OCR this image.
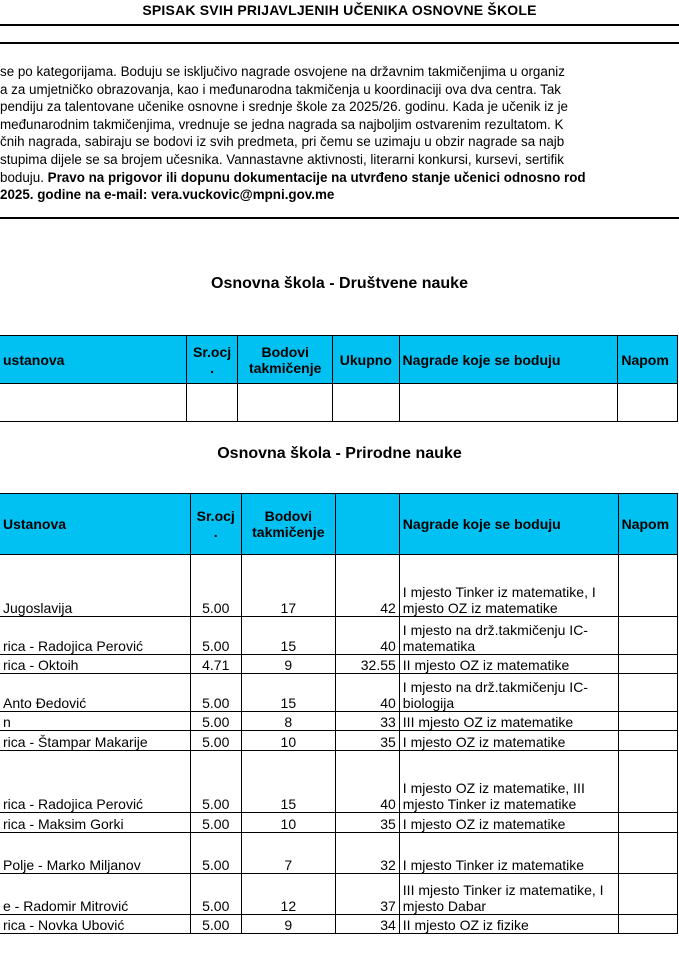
SPISAK SVIH PRIJAVLJENIH UČENIKA OSNOVNE ŠKOLE
se po kategorijama. Boduju se isključivo nagrade osvojene na državnim takmičenjima u organiz
a za umjetničko obrazovanja, kao i međunarodna takmičenja u koordinaciji ova dva centra. Tak
pendiju za talentovane učenike osnovne i srednje škole za 2025/26. godinu. Kada je učenik iz je
međunarodnim takmičenjima, vrednuje se jedna nagrada sa najboljim ostvarenim rezultatom. K
čnih nagrada, sabiraju se bodovi iz svih predmeta, pri čemu se uzimaju u obzir nagrade sa najb
stupima dijele se sa brojem učesnika. Vannastavne aktivnosti, literarni konkursi, kursevi, sertifik
boduju. Pravo na prigovor ili dopunu dokumentacije na utvrđeno stanje učenici odnosno rod
2025. godine na e-mail: vera.vuckovic@mpni.gov.me
Osnovna škola - Društvene nauke
ustanova	Sr.ocj .	Bodovi takmičenje	Ukupno	Nagrade koje se boduju	Napom

Osnovna škola - Prirodne nauke
Ustanova	Sr.ocj .	Bodovi takmičenje		Nagrade koje se boduju	Napom
Jugoslavija	5.00	17	42	I mjesto Tinker iz matematike, I mjesto OZ iz matematike	
rica - Radojica Perović	5.00	15	40	I mjesto na drž.takmičenju IC-matematika	
rica - Oktoih	4.71	9	32.55	II mjesto OZ iz matematike	
Anto Đedović	5.00	15	40	I mjesto na drž.takmičenju IC-biologija	
n	5.00	8	33	III mjesto OZ iz matematike	
rica - Štampar Makarije	5.00	10	35	I mjesto OZ iz matematike	
rica - Radojica Perović	5.00	15	40	I mjesto OZ iz matematike, III mjesto Tinker iz matematike	
rica - Maksim Gorki	5.00	10	35	I mjesto OZ iz matematike	
Polje - Marko Miljanov	5.00	7	32	I mjesto Tinker iz matematike	
e - Radomir Mitrović	5.00	12	37	III mjesto Tinker iz matematike, I mjesto Dabar	
rica - Novka Ubović	5.00	9	34	II mjesto OZ iz fizike	
